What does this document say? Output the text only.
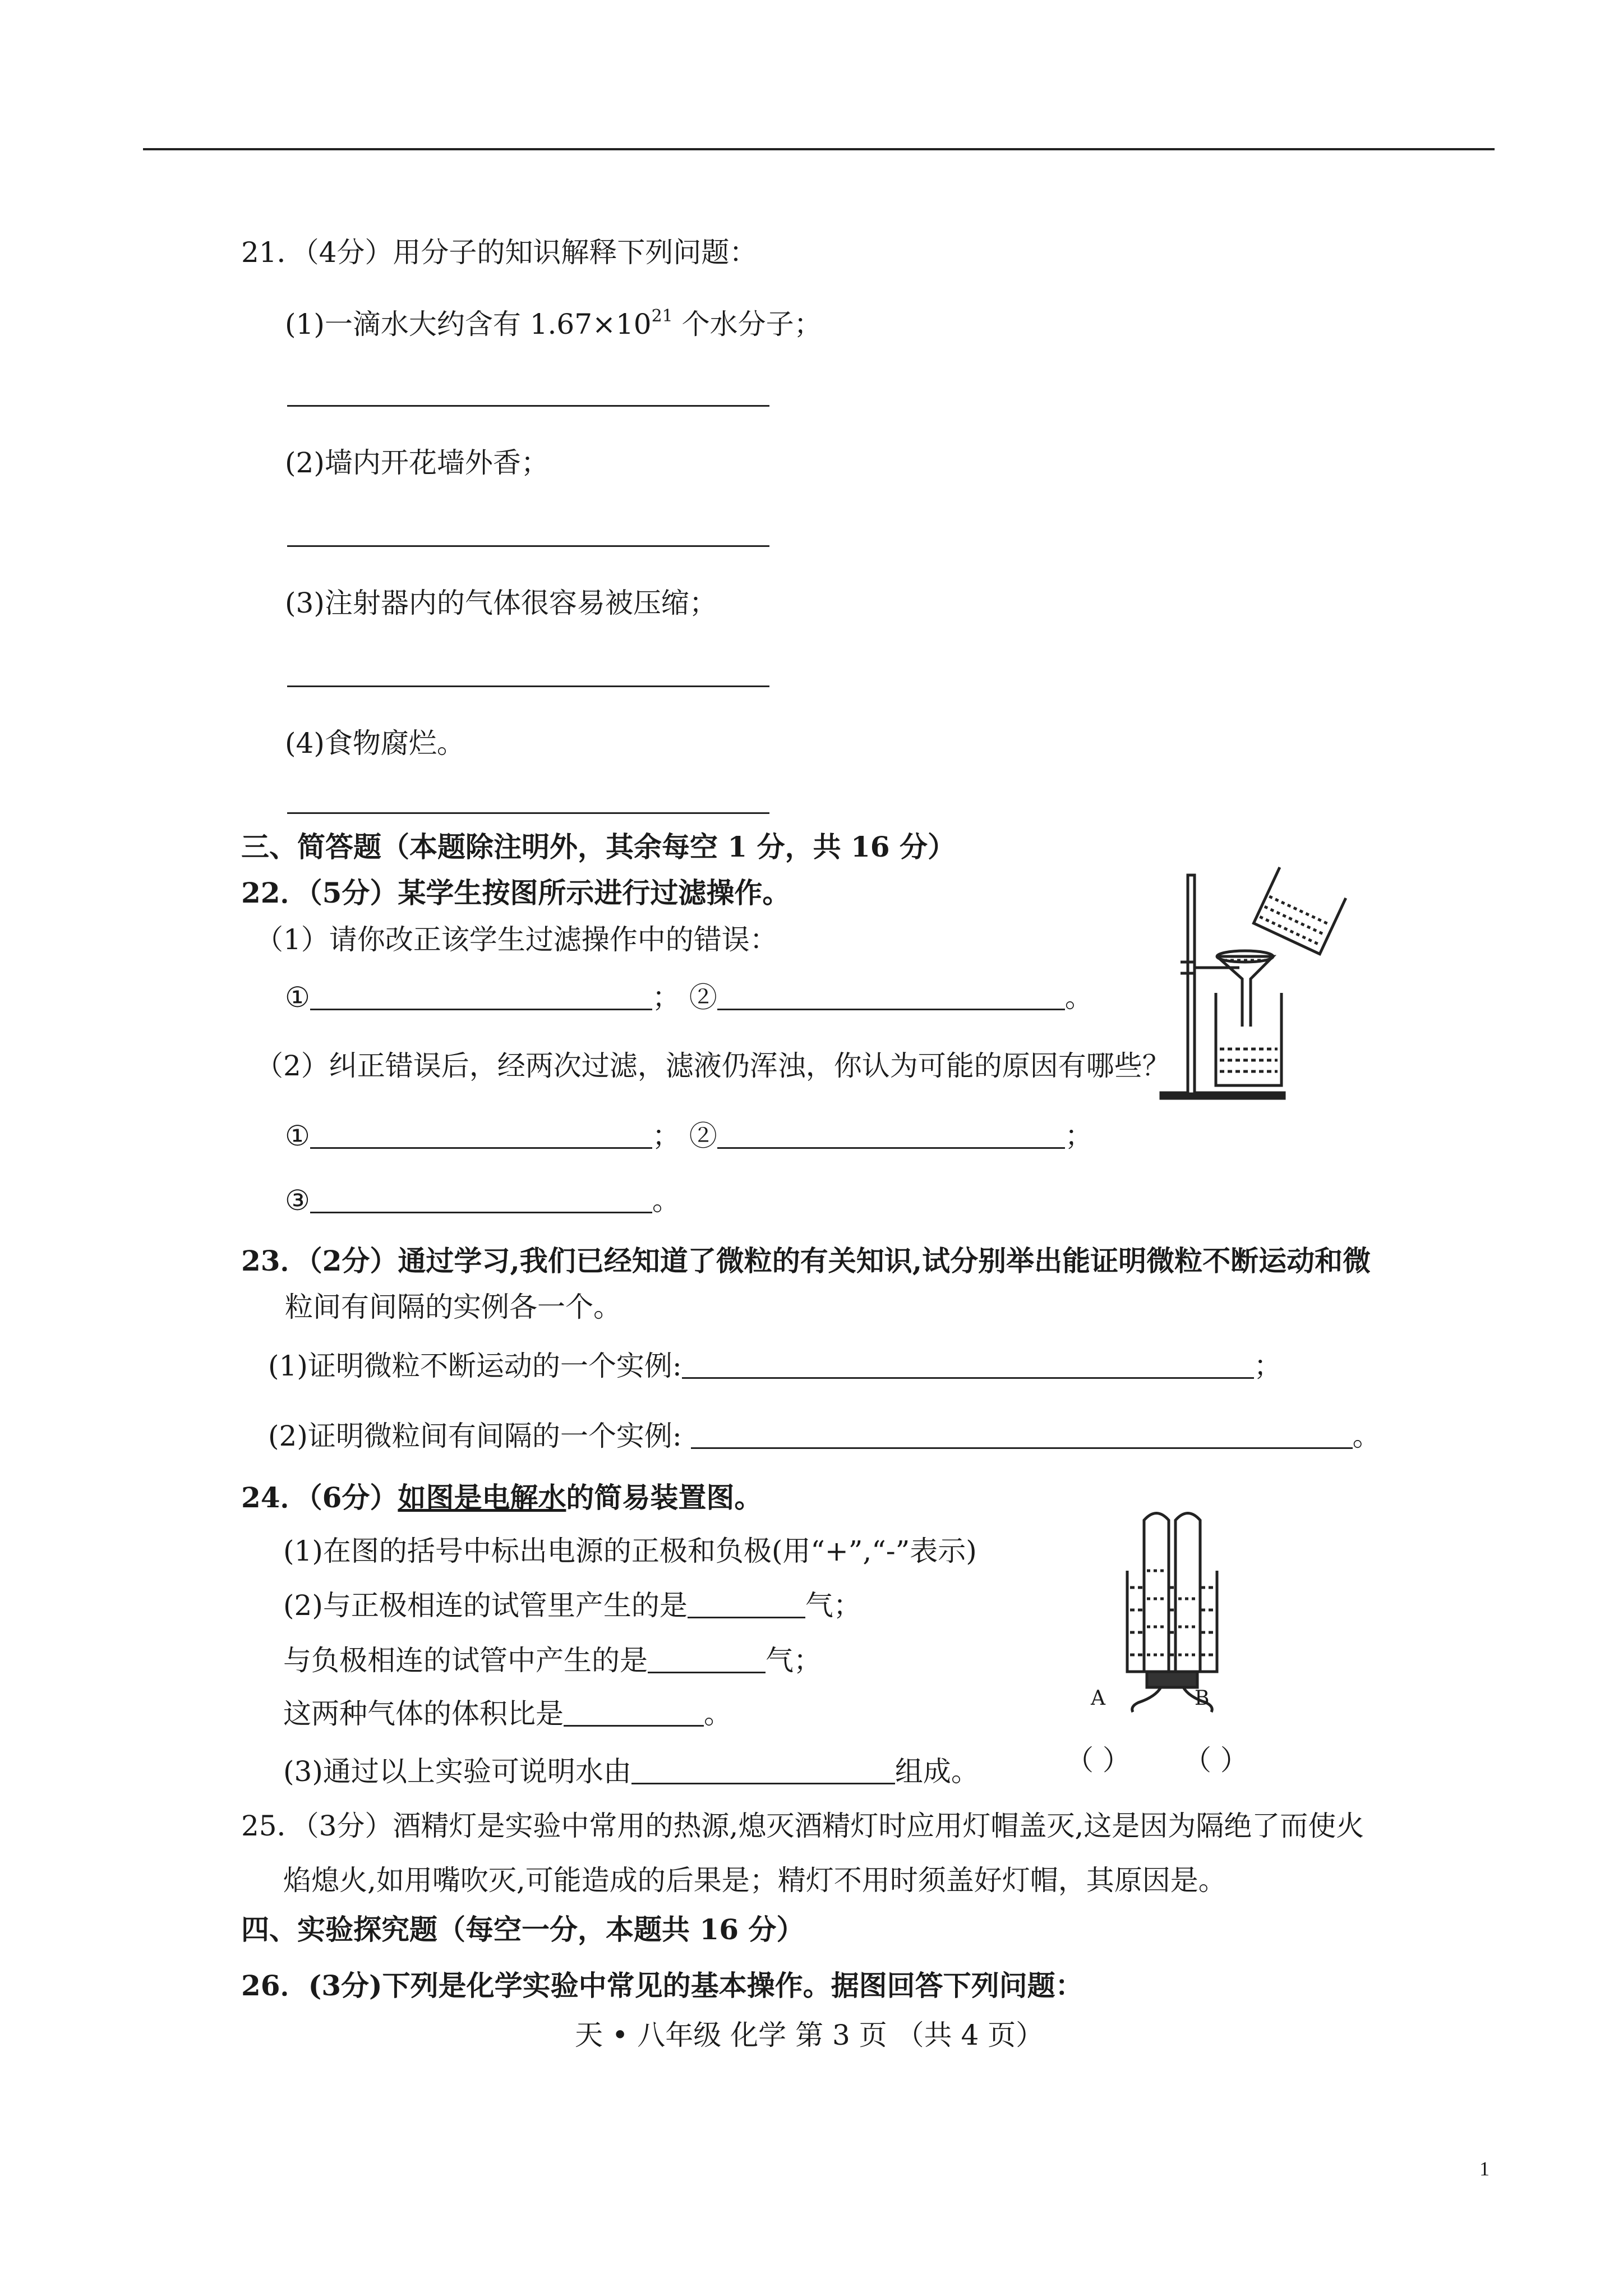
21．（4分）用分子的知识解释下列问题：
(1)一滴水大约含有 $1.67\times 10^{21}$ 个水分子；
(2)墙内开花墙外香；
(3)注射器内的气体很容易被压缩；
(4)食物腐烂。
三、简答题（本题除注明外，其余每空 1 分，共 16 分）
22．（5分）某学生按图所示进行过滤操作。
（1）请你改正该学生过滤操作中的错误：
①	； ②	。
（2）纠正错误后，经两次过滤，滤液仍浑浊，你认为可能的原因有哪些？
①	； ②	；
③	。
23．（2分）通过学习,我们已经知道了微粒的有关知识,试分别举出能证明微粒不断运动和微
粒间有间隔的实例各一个。
(1)证明微粒不断运动的一个实例:	；
(2)证明微粒间有间隔的一个实例:	。
24．（6分）如图是电解水的简易装置图。
(1)在图的括号中标出电源的正极和负极(用“+”,“-”表示)
(2)与正极相连的试管里产生的是	气；
与负极相连的试管中产生的是	气；
这两种气体的体积比是	。
(3)通过以上实验可说明水由	组成。
A	B
（ ） （ ）
25．（3分）酒精灯是实验中常用的热源,熄灭酒精灯时应用灯帽盖灭,这是因为隔绝了而使火
焰熄火,如用嘴吹灭,可能造成的后果是；精灯不用时须盖好灯帽，其原因是。
四、实验探究题（每空一分，本题共 16 分）
26．(3分)下列是化学实验中常见的基本操作。据图回答下列问题：
天 • 八年级 化学 第 3 页 （共 4 页）
1
